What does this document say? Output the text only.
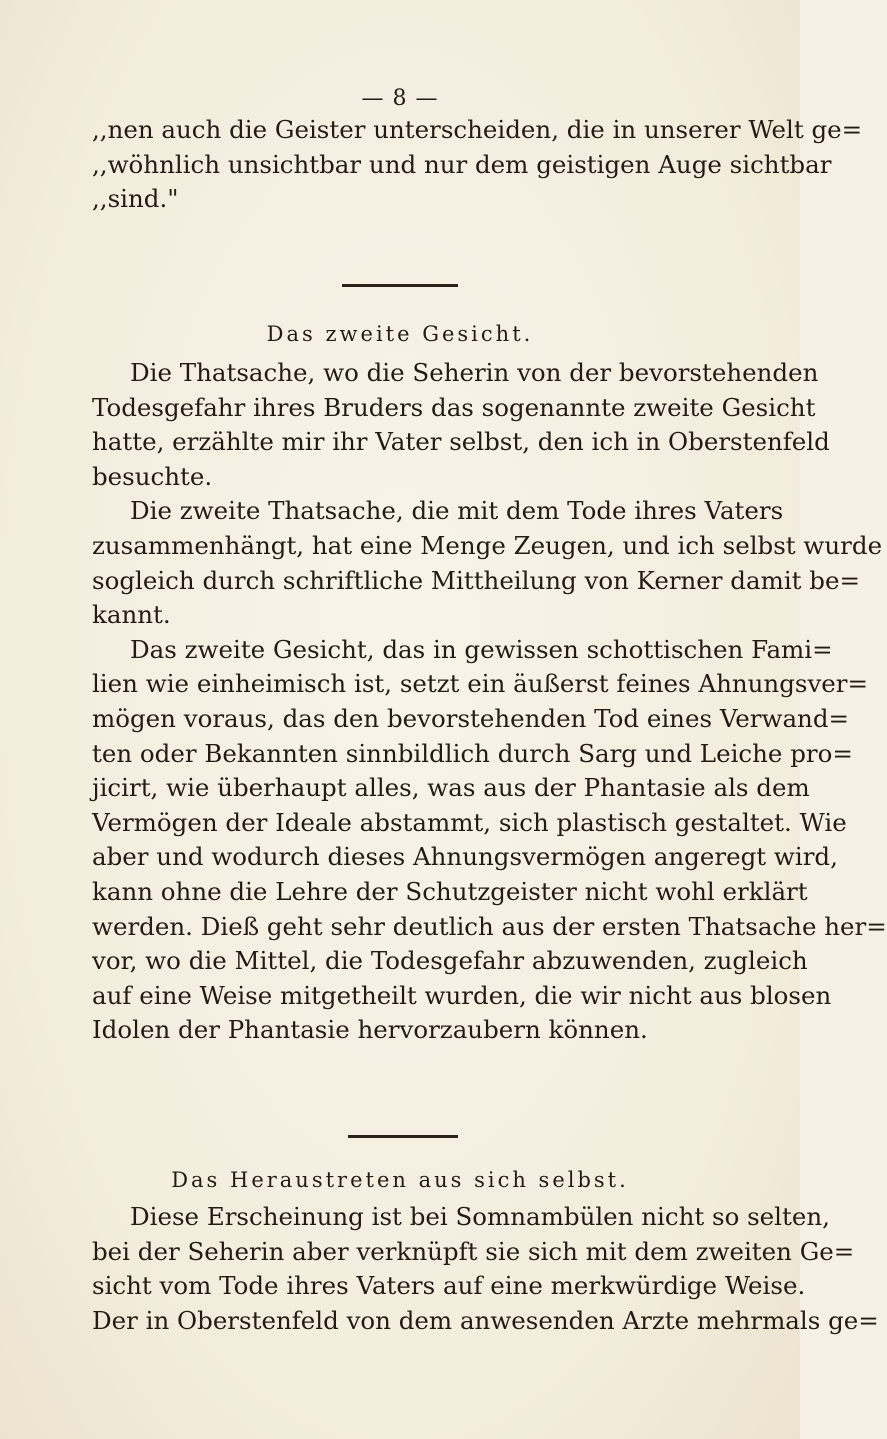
— 8 —
,,nen auch die Geister unterscheiden, die in unserer Welt ge=
,,wöhnlich unsichtbar und nur dem geistigen Auge sichtbar
,,sind."
Das zweite Gesicht.
Die Thatsache, wo die Seherin von der bevorstehenden
Todesgefahr ihres Bruders das sogenannte zweite Gesicht
hatte, erzählte mir ihr Vater selbst, den ich in Oberstenfeld
besuchte.
Die zweite Thatsache, die mit dem Tode ihres Vaters
zusammenhängt, hat eine Menge Zeugen, und ich selbst wurde
sogleich durch schriftliche Mittheilung von Kerner damit be=
kannt.
Das zweite Gesicht, das in gewissen schottischen Fami=
lien wie einheimisch ist, setzt ein äußerst feines Ahnungsver=
mögen voraus, das den bevorstehenden Tod eines Verwand=
ten oder Bekannten sinnbildlich durch Sarg und Leiche pro=
jicirt, wie überhaupt alles, was aus der Phantasie als dem
Vermögen der Ideale abstammt, sich plastisch gestaltet. Wie
aber und wodurch dieses Ahnungsvermögen angeregt wird,
kann ohne die Lehre der Schutzgeister nicht wohl erklärt
werden. Dieß geht sehr deutlich aus der ersten Thatsache her=
vor, wo die Mittel, die Todesgefahr abzuwenden, zugleich
auf eine Weise mitgetheilt wurden, die wir nicht aus blosen
Idolen der Phantasie hervorzaubern können.
Das Heraustreten aus sich selbst.
Diese Erscheinung ist bei Somnambülen nicht so selten,
bei der Seherin aber verknüpft sie sich mit dem zweiten Ge=
sicht vom Tode ihres Vaters auf eine merkwürdige Weise.
Der in Oberstenfeld von dem anwesenden Arzte mehrmals ge=
